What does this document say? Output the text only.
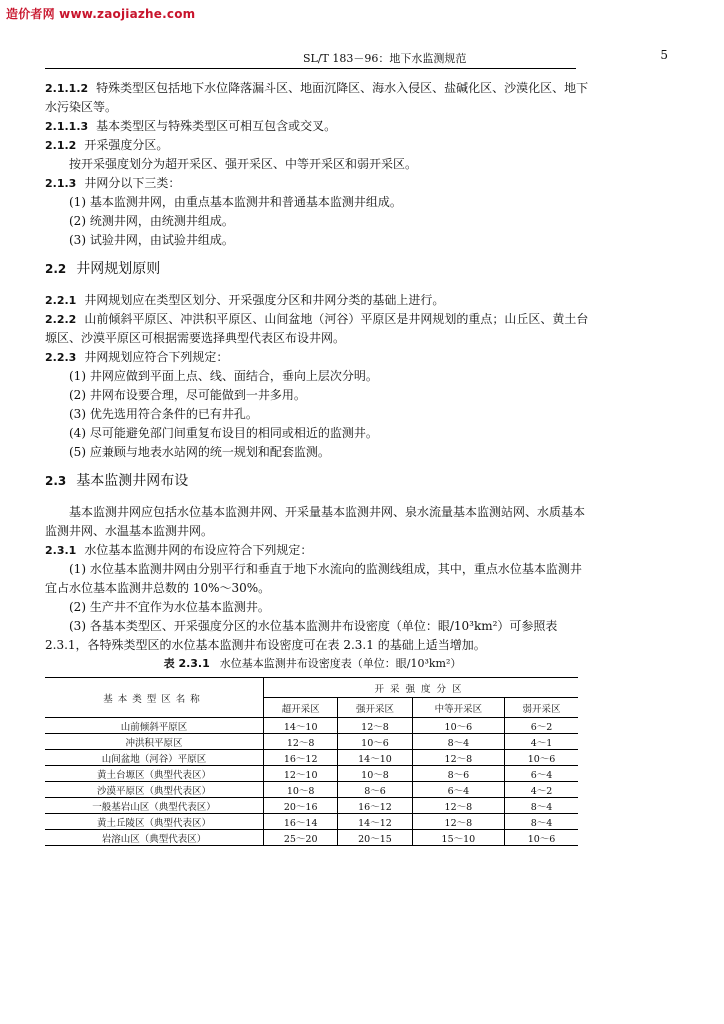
造价者网 www.zaojiazhe.com
SL/T 183－96：地下水监测规范	5
2.1.1.2 特殊类型区包括地下水位降落漏斗区、地面沉降区、海水入侵区、盐碱化区、沙漠化区、地下水污染区等。
2.1.1.3 基本类型区与特殊类型区可相互包含或交叉。
2.1.2 开采强度分区。
按开采强度划分为超开采区、强开采区、中等开采区和弱开采区。
2.1.3 井网分以下三类：
(1) 基本监测井网，由重点基本监测井和普通基本监测井组成。
(2) 统测井网，由统测井组成。
(3) 试验井网，由试验井组成。
2.2 井网规划原则
2.2.1 井网规划应在类型区划分、开采强度分区和井网分类的基础上进行。
2.2.2 山前倾斜平原区、冲洪积平原区、山间盆地（河谷）平原区是井网规划的重点；山丘区、黄土台塬区、沙漠平原区可根据需要选择典型代表区布设井网。
2.2.3 井网规划应符合下列规定：
(1) 井网应做到平面上点、线、面结合，垂向上层次分明。
(2) 井网布设要合理，尽可能做到一井多用。
(3) 优先选用符合条件的已有井孔。
(4) 尽可能避免部门间重复布设目的相同或相近的监测井。
(5) 应兼顾与地表水站网的统一规划和配套监测。
2.3 基本监测井网布设
基本监测井网应包括水位基本监测井网、开采量基本监测井网、泉水流量基本监测站网、水质基本监测井网、水温基本监测井网。
2.3.1 水位基本监测井网的布设应符合下列规定：
(1) 水位基本监测井网由分别平行和垂直于地下水流向的监测线组成，其中，重点水位基本监测井宜占水位基本监测井总数的 10%～30%。
(2) 生产井不宜作为水位基本监测井。
(3) 各基本类型区、开采强度分区的水位基本监测井布设密度（单位：眼/10³km²）可参照表 2.3.1，各特殊类型区的水位基本监测井布设密度可在表 2.3.1 的基础上适当增加。
表 2.3.1 水位基本监测井布设密度表（单位：眼/10³km²）
基本类型区名称	开采强度分区			
	超开采区	强开采区	中等开采区	弱开采区
山前倾斜平原区	14～10	12～8	10～6	6～2
冲洪积平原区	12～8	10～6	8～4	4～1
山间盆地（河谷）平原区	16～12	14～10	12～8	10～6
黄土台塬区（典型代表区）	12～10	10～8	8～6	6～4
沙漠平原区（典型代表区）	10～8	8～6	6～4	4～2
一般基岩山区（典型代表区）	20～16	16～12	12～8	8～4
黄土丘陵区（典型代表区）	16～14	14～12	12～8	8～4
岩溶山区（典型代表区）	25～20	20～15	15～10	10～6
